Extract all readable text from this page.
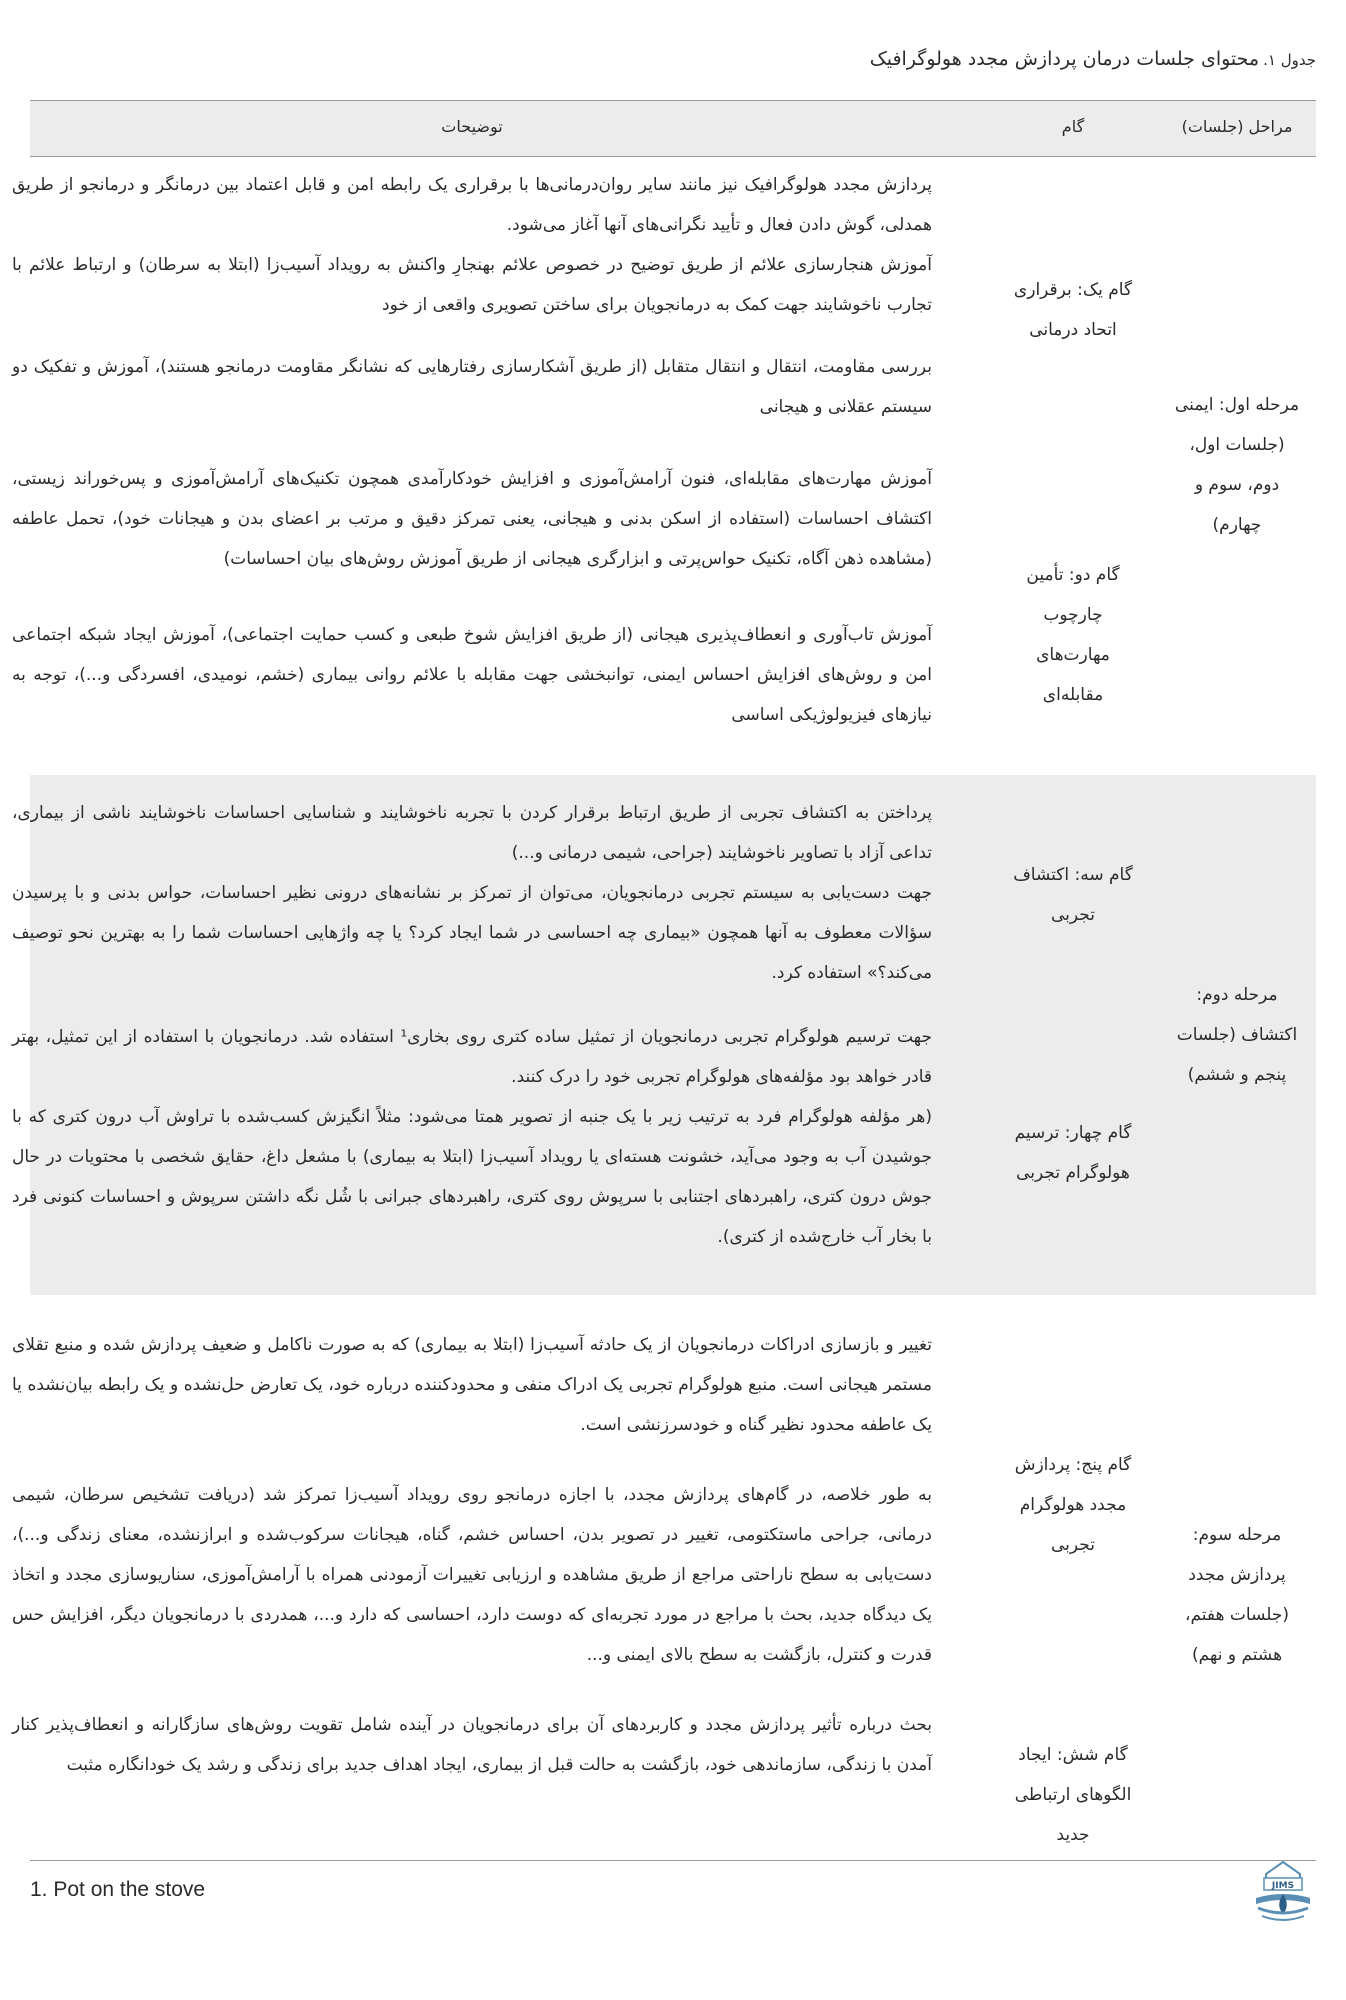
جدول ۱.محتوای جلسات درمان پردازش مجدد هولوگرافیک
مراحل (جلسات)
گام
توضیحات
مرحله اول: ایمنی (جلسات اول، دوم، سوم و چهارم)
گام یک: برقراری اتحاد درمانی
گام دو: تأمین چارچوب مهارت‌های مقابله‌ای

پردازش مجدد هولوگرافیک نیز مانند سایر روان‌درمانی‌ها با برقراری یک رابطه امن و قابل اعتماد بین درمانگر و درمانجو از طریق همدلی، گوش دادن فعال و تأیید نگرانی‌های آنها آغاز می‌شود.

آموزش هنجارسازی علائم از طریق توضیح در خصوص علائم بهنجارِ واکنش به رویداد آسیب‌زا (ابتلا به سرطان) و ارتباط علائم با تجارب ناخوشایند جهت کمک به درمانجویان برای ساختن تصویری واقعی از خود

بررسی مقاومت، انتقال و انتقال متقابل (از طریق آشکارسازی رفتارهایی که نشانگر مقاومت درمانجو هستند)، آموزش و تفکیک دو سیستم عقلانی و هیجانی

آموزش مهارت‌های مقابله‌ای، فنون آرامش‌آموزی و افزایش خودکارآمدی همچون تکنیک‌های آرامش‌آموزی و پس‌خوراند زیستی، اکتشاف احساسات (استفاده از اسکن بدنی و هیجانی، یعنی تمرکز دقیق و مرتب بر اعضای بدن و هیجانات خود)، تحمل عاطفه (مشاهده ذهن آگاه، تکنیک حواس‌پرتی و ابزارگری هیجانی از طریق آموزش روش‌های بیان احساسات)

آموزش تاب‌آوری و انعطاف‌پذیری هیجانی (از طریق افزایش شوخ طبعی و کسب حمایت اجتماعی)، آموزش ایجاد شبکه اجتماعی امن و روش‌های افزایش احساس ایمنی، توانبخشی جهت مقابله با علائم روانی بیماری (خشم، نومیدی، افسردگی و...)، توجه به نیازهای فیزیولوژیکی اساسی

مرحله دوم: اکتشاف (جلسات پنجم و ششم)
گام سه: اکتشاف تجربی
گام چهار: ترسیم هولوگرام تجربی

پرداختن به اکتشاف تجربی از طریق ارتباط برقرار کردن با تجربه ناخوشایند و شناسایی احساسات ناخوشایند ناشی از بیماری، تداعی آزاد با تصاویر ناخوشایند (جراحی، شیمی درمانی و...)

جهت دست‌یابی به سیستم تجربی درمانجویان، می‌توان از تمرکز بر نشانه‌های درونی نظیر احساسات، حواس بدنی و با پرسیدن سؤالات معطوف به آنها همچون «بیماری چه احساسی در شما ایجاد کرد؟ یا چه واژهایی احساسات شما را به بهترین نحو توصیف می‌کند؟» استفاده کرد.

جهت ترسیم هولوگرام تجربی درمانجویان از تمثیل ساده کتری روی بخاری¹ استفاده شد. درمانجویان با استفاده از این تمثیل، بهتر قادر خواهد بود مؤلفه‌های هولوگرام تجربی خود را درک کنند.

(هر مؤلفه هولوگرام فرد به ترتیب زیر با یک جنبه از تصویر همتا می‌شود: مثلاً انگیزش کسب‌شده با تراوش آب درون کتری که با جوشیدن آب به وجود می‌آید، خشونت هسته‌ای یا رویداد آسیب‌زا (ابتلا به بیماری) با مشعل داغ، حقایق شخصی با محتویات در حال جوش درون کتری، راهبردهای اجتنابی با سرپوش روی کتری، راهبردهای جبرانی با شُل نگه داشتن سرپوش و احساسات کنونی فرد با بخار آب خارج‌شده از کتری).

مرحله سوم: پردازش مجدد (جلسات هفتم، هشتم و نهم)
گام پنج: پردازش مجدد هولوگرام تجربی
گام شش: ایجاد الگوهای ارتباطی جدید

تغییر و بازسازی ادراکات درمانجویان از یک حادثه آسیب‌زا (ابتلا به بیماری) که به صورت ناکامل و ضعیف پردازش شده و منبع تقلای مستمر هیجانی است. منبع هولوگرام تجربی یک ادراک منفی و محدودکننده درباره خود، یک تعارض حل‌نشده و یک رابطه بیان‌نشده یا یک عاطفه محدود نظیر گناه و خودسرزنشی است.

به طور خلاصه، در گام‌های پردازش مجدد، با اجازه درمانجو روی رویداد آسیب‌زا تمرکز شد (دریافت تشخیص سرطان، شیمی درمانی، جراحی ماستکتومی، تغییر در تصویر بدن، احساس خشم، گناه، هیجانات سرکوب‌شده و ابرازنشده، معنای زندگی و...)، دست‌یابی به سطح ناراحتی مراجع از طریق مشاهده و ارزیابی تغییرات آزمودنی همراه با آرامش‌آموزی، سناریوسازی مجدد و اتخاذ یک دیدگاه جدید، بحث با مراجع در مورد تجربه‌ای که دوست دارد، احساسی که دارد و...، همدردی با درمانجویان دیگر، افزایش حس قدرت و کنترل، بازگشت به سطح بالای ایمنی و...

بحث درباره تأثیر پردازش مجدد و کاربردهای آن برای درمانجویان در آینده شامل تقویت روش‌های سازگارانه و انعطاف‌پذیر کنار آمدن با زندگی، سازماندهی خود، بازگشت به حالت قبل از بیماری، ایجاد اهداف جدید برای زندگی و رشد یک خودانگاره مثبت

1. Pot on the stove	JIMS
